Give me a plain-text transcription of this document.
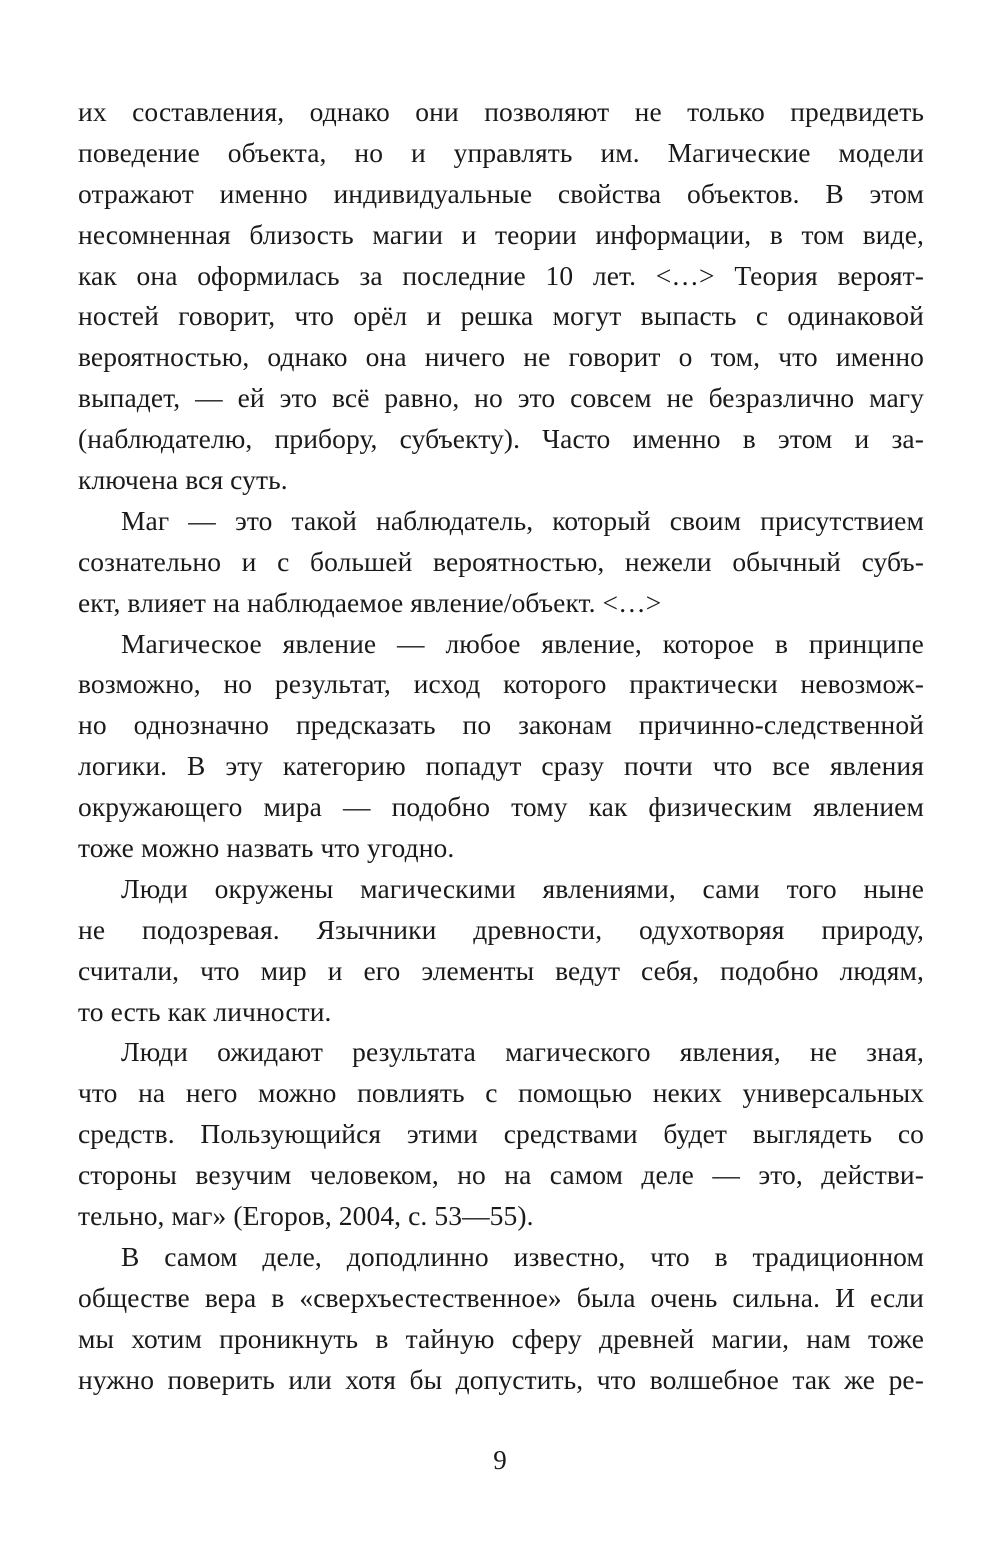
их составления, однако они позволяют не только предвидеть
поведение объекта, но и управлять им. Магические модели
отражают именно индивидуальные свойства объектов. В этом
несомненная близость магии и теории информации, в том виде,
как она оформилась за последние 10 лет. <…> Теория вероят-
ностей говорит, что орёл и решка могут выпасть с одинаковой
вероятностью, однако она ничего не говорит о том, что именно
выпадет, — ей это всё равно, но это совсем не безразлично магу
(наблюдателю, прибору, субъекту). Часто именно в этом и за-
ключена вся суть.
Маг — это такой наблюдатель, который своим присутствием
сознательно и с большей вероятностью, нежели обычный субъ-
ект, влияет на наблюдаемое явление/объект. <…>
Магическое явление — любое явление, которое в принципе
возможно, но результат, исход которого практически невозмож-
но однозначно предсказать по законам причинно-следственной
логики. В эту категорию попадут сразу почти что все явления
окружающего мира — подобно тому как физическим явлением
тоже можно назвать что угодно.
Люди окружены магическими явлениями, сами того ныне
не подозревая. Язычники древности, одухотворяя природу,
считали, что мир и его элементы ведут себя, подобно людям,
то есть как личности.
Люди ожидают результата магического явления, не зная,
что на него можно повлиять с помощью неких универсальных
средств. Пользующийся этими средствами будет выглядеть со
стороны везучим человеком, но на самом деле — это, действи-
тельно, маг» (Егоров, 2004, с. 53—55).
В самом деле, доподлинно известно, что в традиционном
обществе вера в «сверхъестественное» была очень сильна. И если
мы хотим проникнуть в тайную сферу древней магии, нам тоже
нужно поверить или хотя бы допустить, что волшебное так же ре-
9
